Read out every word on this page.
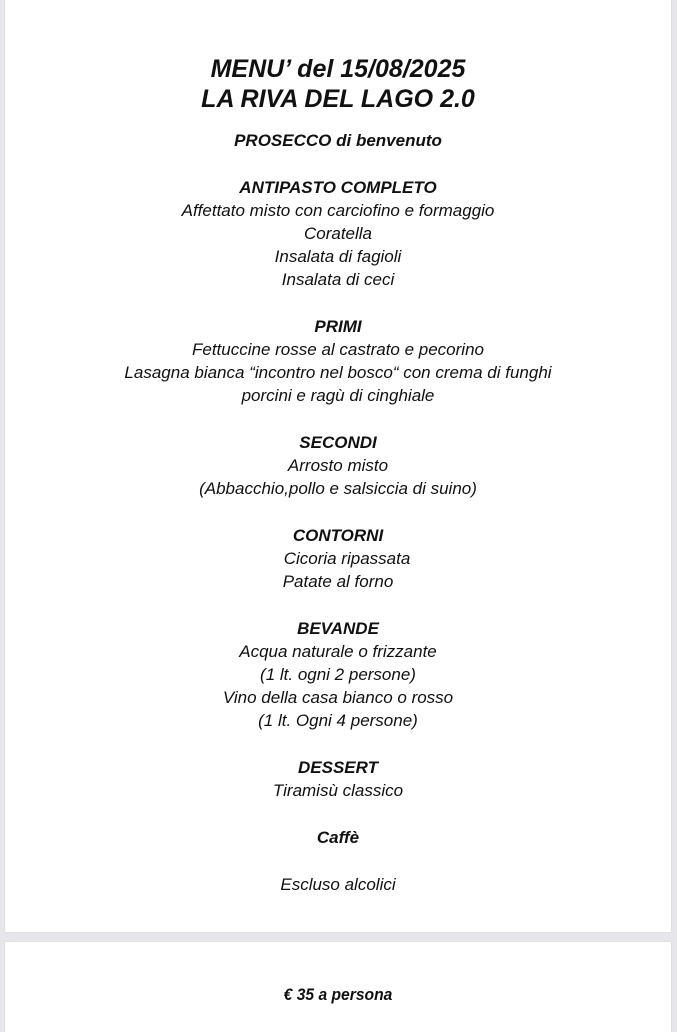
MENU’ del 15/08/2025
LA RIVA DEL LAGO 2.0
PROSECCO di benvenuto
ANTIPASTO COMPLETO
Affettato misto con carciofino e formaggio
Coratella
Insalata di fagioli
Insalata di ceci
PRIMI
Fettuccine rosse al castrato e pecorino
Lasagna bianca “incontro nel bosco“ con crema di funghi
porcini e ragù di cinghiale
SECONDI
Arrosto misto
(Abbacchio,pollo e salsiccia di suino)
CONTORNI
Cicoria ripassata
Patate al forno
BEVANDE
Acqua naturale o frizzante
(1 lt. ogni 2 persone)
Vino della casa bianco o rosso
(1 lt. Ogni 4 persone)
DESSERT
Tiramisù classico
Caffè
Escluso alcolici
€ 35 a persona
